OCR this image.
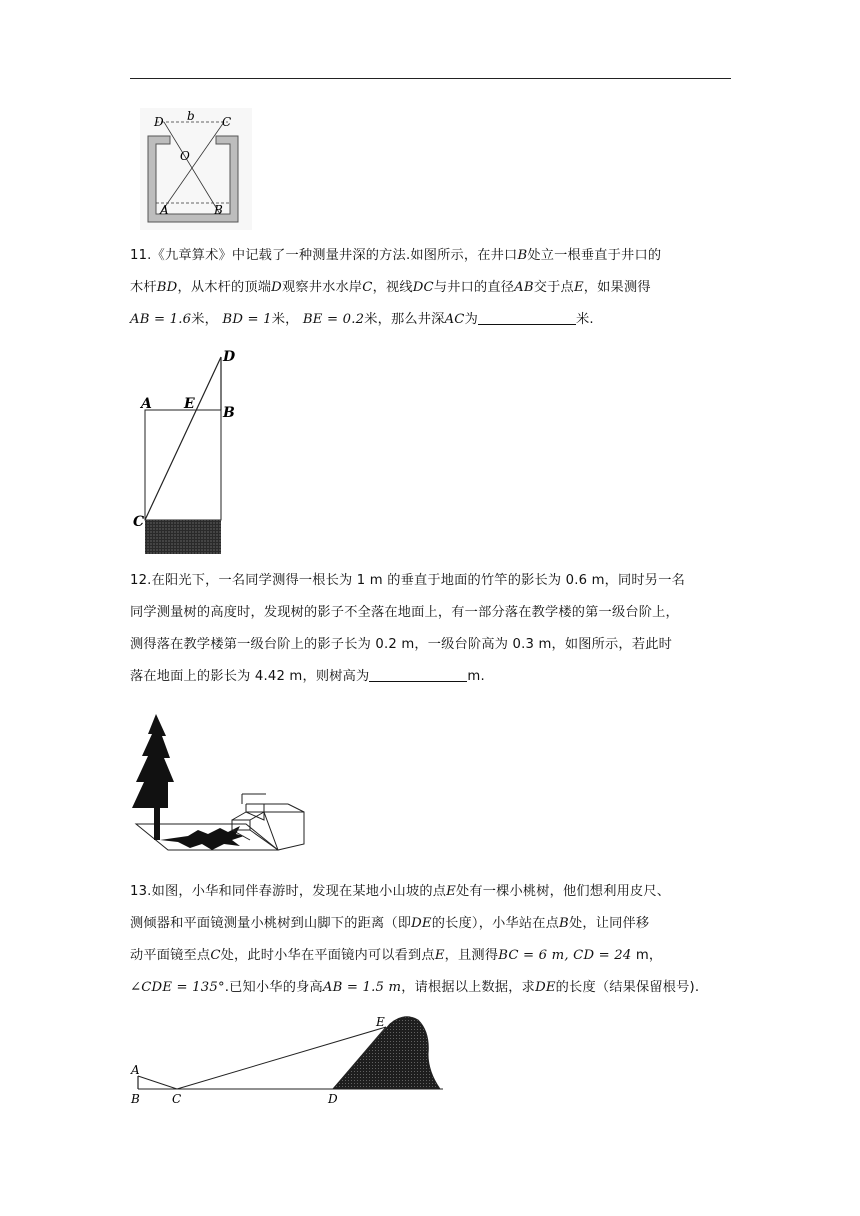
D b C
O
A	B

11.《九章算术》中记载了一种测量井深的方法.如图所示，在井口B处立一根垂直于井口的

木杆BD，从木杆的顶端D观察井水水岸C，视线DC与井口的直径AB交于点E，如果测得

AB = 1.6米， BD = 1米， BE = 0.2米，那么井深AC为	米.

A E
B
D
C

12.在阳光下，一名同学测得一根长为 1 m 的垂直于地面的竹竿的影长为 0.6 m，同时另一名

同学测量树的高度时，发现树的影子不全落在地面上，有一部分落在教学楼的第一级台阶上，

测得落在教学楼第一级台阶上的影子长为 0.2 m，一级台阶高为 0.3 m，如图所示，若此时

落在地面上的影长为 4.42 m，则树高为	m.

13.如图，小华和同伴春游时，发现在某地小山坡的点E处有一棵小桃树，他们想利用皮尺、

测倾器和平面镜测量小桃树到山脚下的距离（即DE的长度），小华站在点B处，让同伴移

动平面镜至点C处，此时小华在平面镜内可以看到点E，且测得BC = 6 m, CD = 24 m，

∠CDE = 135°.已知小华的身高AB = 1.5 m，请根据以上数据，求DE的长度（结果保留根号).

A
B	C	D
E
